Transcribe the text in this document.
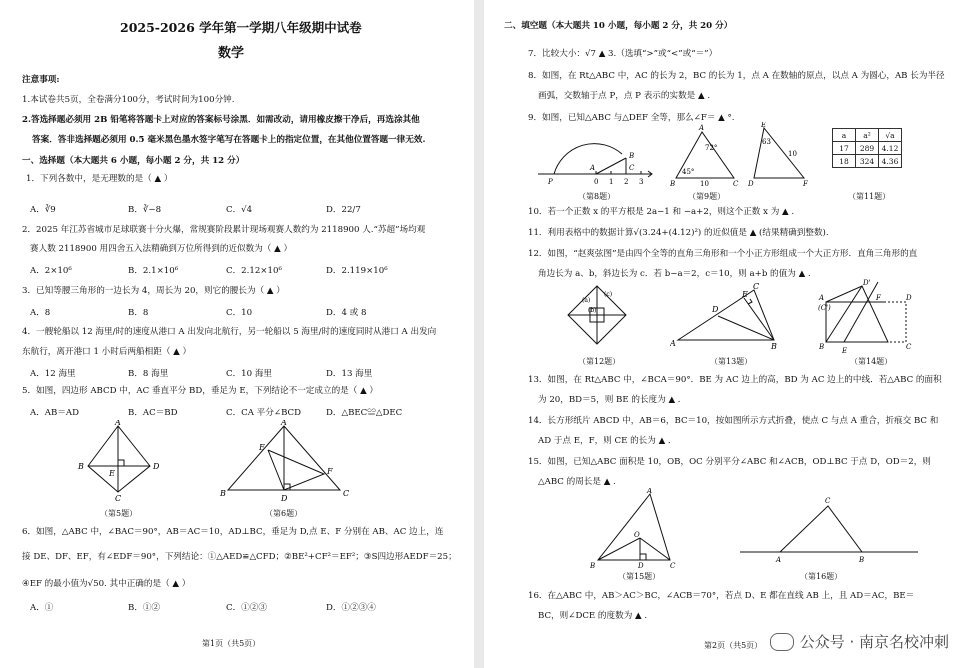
2025-2026 学年第一学期八年级期中试卷
数学
注意事项:
1.本试卷共5页，全卷满分100分，考试时间为100分钟.
2.答选择题必须用 2B 铅笔将答题卡上对应的答案标号涂黑．如需改动，请用橡皮擦干净后，再选涂其他
答案．答非选择题必须用 0.5 毫米黑色墨水签字笔写在答题卡上的指定位置，在其他位置答题一律无效.
一、选择题（本大题共 6 小题，每小题 2 分，共 12 分）
1．下列各数中，是无理数的是（ ▲ ）
A．∛9	B．∛−8	C．√4	D．22/7
2．2025 年江苏省城市足球联赛十分火爆，常规赛阶段累计现场观赛人数约为 2118900 人.“苏超”场均观
赛人数 2118900 用四舍五入法精确到万位所得到的近似数为（ ▲ ）
A．2×10⁶	B．2.1×10⁶	C．2.12×10⁶	D．2.119×10⁶
3．已知等腰三角形的一边长为 4，周长为 20，则它的腰长为（ ▲ ）
A．8	B．8	C．10	D．4 或 8
4．一艘轮船以 12 海里/时的速度从港口 A 出发向北航行，另一轮船以 5 海里/时的速度同时从港口 A 出发向
东航行，离开港口 1 小时后两船相距（ ▲ ）
A．12 海里	B．8 海里	C．10 海里	D．13 海里
5．如图，四边形 ABCD 中，AC 垂直平分 BD，垂足为 E，下列结论不一定成立的是（ ▲ ）
A．AB＝AD	B．AC＝BD	C．CA 平分∠BCD	D．△BEC≌△DEC
A
B	D
E
C
（第5题）
A
B	C
D
E
F
（第6题）
6．如图，△ABC 中，∠BAC＝90°，AB＝AC＝10，AD⊥BC，垂足为 D,点 E、F 分别在 AB、AC 边上，连
接 DE、DF、EF，有∠EDF＝90°，下列结论：①△AED≌△CFD；②BE²+CF²＝EF²；③S四边形AEDF＝25；
④EF 的最小值为√50. 其中正确的是（ ▲ ）
A．①	B．①②	C．①②③	D．①②③④
第1页（共5页）
二、填空题（本大题共 10 小题，每小题 2 分，共 20 分）
7．比较大小：√7 ▲ 3.（选填“>”或“<”或“＝”）
8．如图，在 Rt△ABC 中，AC 的长为 2，BC 的长为 1，点 A 在数轴的原点，以点 A 为圆心，AB 长为半径
画弧，交数轴于点 P，点 P 表示的实数是 ▲ .
9．如图，已知△ABC 与△DEF 全等，那么∠F＝ ▲ °.
P	0 1 2 3
B
C
A
（第8题）
A
72°
B
45°
10	C
E
63
10
D	F
（第9题）
a	a²	√a
17	289	4.12
18	324	4.36
（第11题）
10．若一个正数 x 的平方根是 2a−1 和 −a+2，则这个正数 x 为 ▲ .
11．利用表格中的数据计算√(3.24+(4.12)²) 的近似值是 ▲ (结果精确到整数).
12．如图，“赵爽弦图”是由四个全等的直角三角形和一个小正方形组成一个大正方形．直角三角形的直
角边长为 a、b，斜边长为 c．若 b−a＝2，c＝10，则 a+b 的值为 ▲ .
(c)
(a)
(b)
（第12题）
A
C
E
D
B
（第13题）
A
(C')
D'
F	D
B	E	C
（第14题）
13．如图，在 Rt△ABC 中，∠BCA＝90°．BE 为 AC 边上的高，BD 为 AC 边上的中线．若△ABC 的面积
为 20，BD＝5，则 BE 的长度为 ▲ .
14．长方形纸片 ABCD 中，AB＝6，BC＝10，按如图所示方式折叠，使点 C 与点 A 重合，折痕交 BC 和
AD 于点 E，F，则 CE 的长为 ▲ .
15．如图，已知△ABC 面积是 10，OB，OC 分别平分∠ABC 和∠ACB，OD⊥BC 于点 D，OD＝2，则
△ABC 的周长是 ▲ .
A
B	C
O
D
（第15题）
C
A	B
（第16题）
16．在△ABC 中，AB＞AC＞BC，∠ACB＝70°，若点 D、E 都在直线 AB 上，且 AD＝AC，BE＝
BC，则∠DCE 的度数为 ▲ .
第2页（共5页）	公众号 · 南京名校冲刺
